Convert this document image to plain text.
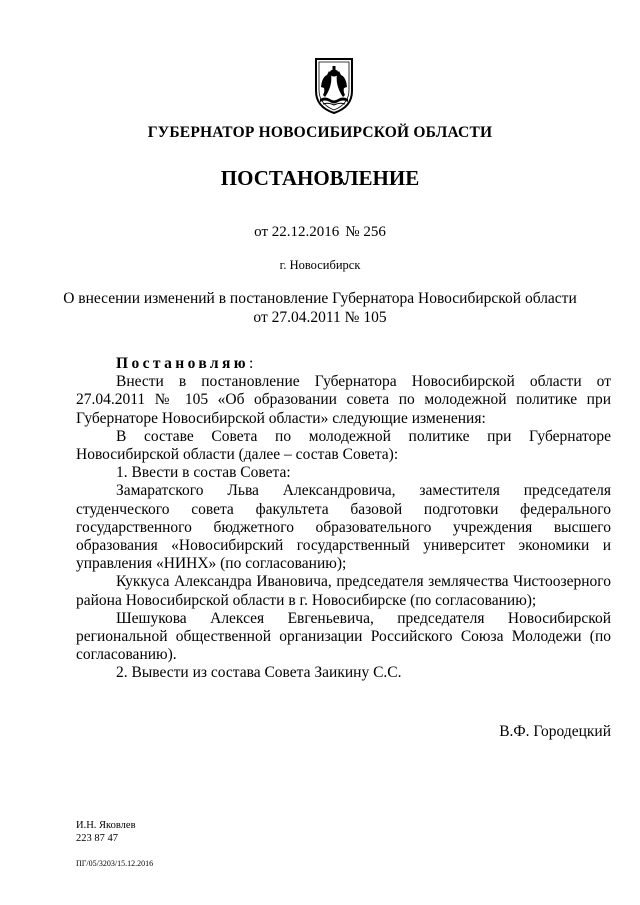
ГУБЕРНАТОР НОВОСИБИРСКОЙ ОБЛАСТИ
ПОСТАНОВЛЕНИЕ
от 22.12.2016 № 256
г. Новосибирск
О внесении изменений в постановление Губернатора Новосибирской области
от 27.04.2011 № 105

Постановляю:

Внести в постановление Губернатора Новосибирской области от 27.04.2011 № 105 «Об образовании совета по молодежной политике при Губернаторе Новосибирской области» следующие изменения:

В составе Совета по молодежной политике при Губернаторе Новосибирской области (далее – состав Совета):

1. Ввести в состав Совета:

Замаратского Льва Александровича, заместителя председателя студенческого совета факультета базовой подготовки федерального государственного бюджетного образовательного учреждения высшего образования «Новосибирский государственный университет экономики и управления «НИНХ» (по согласованию);

Куккуса Александра Ивановича, председателя землячества Чистоозерного района Новосибирской области в г. Новосибирске (по согласованию);

Шешукова Алексея Евгеньевича, председателя Новосибирской региональной общественной организации Российского Союза Молодежи (по согласованию).

2. Вывести из состава Совета Заикину С.С.

В.Ф. Городецкий
И.Н. Яковлев
223 87 47
ПГ/05/3203/15.12.2016
